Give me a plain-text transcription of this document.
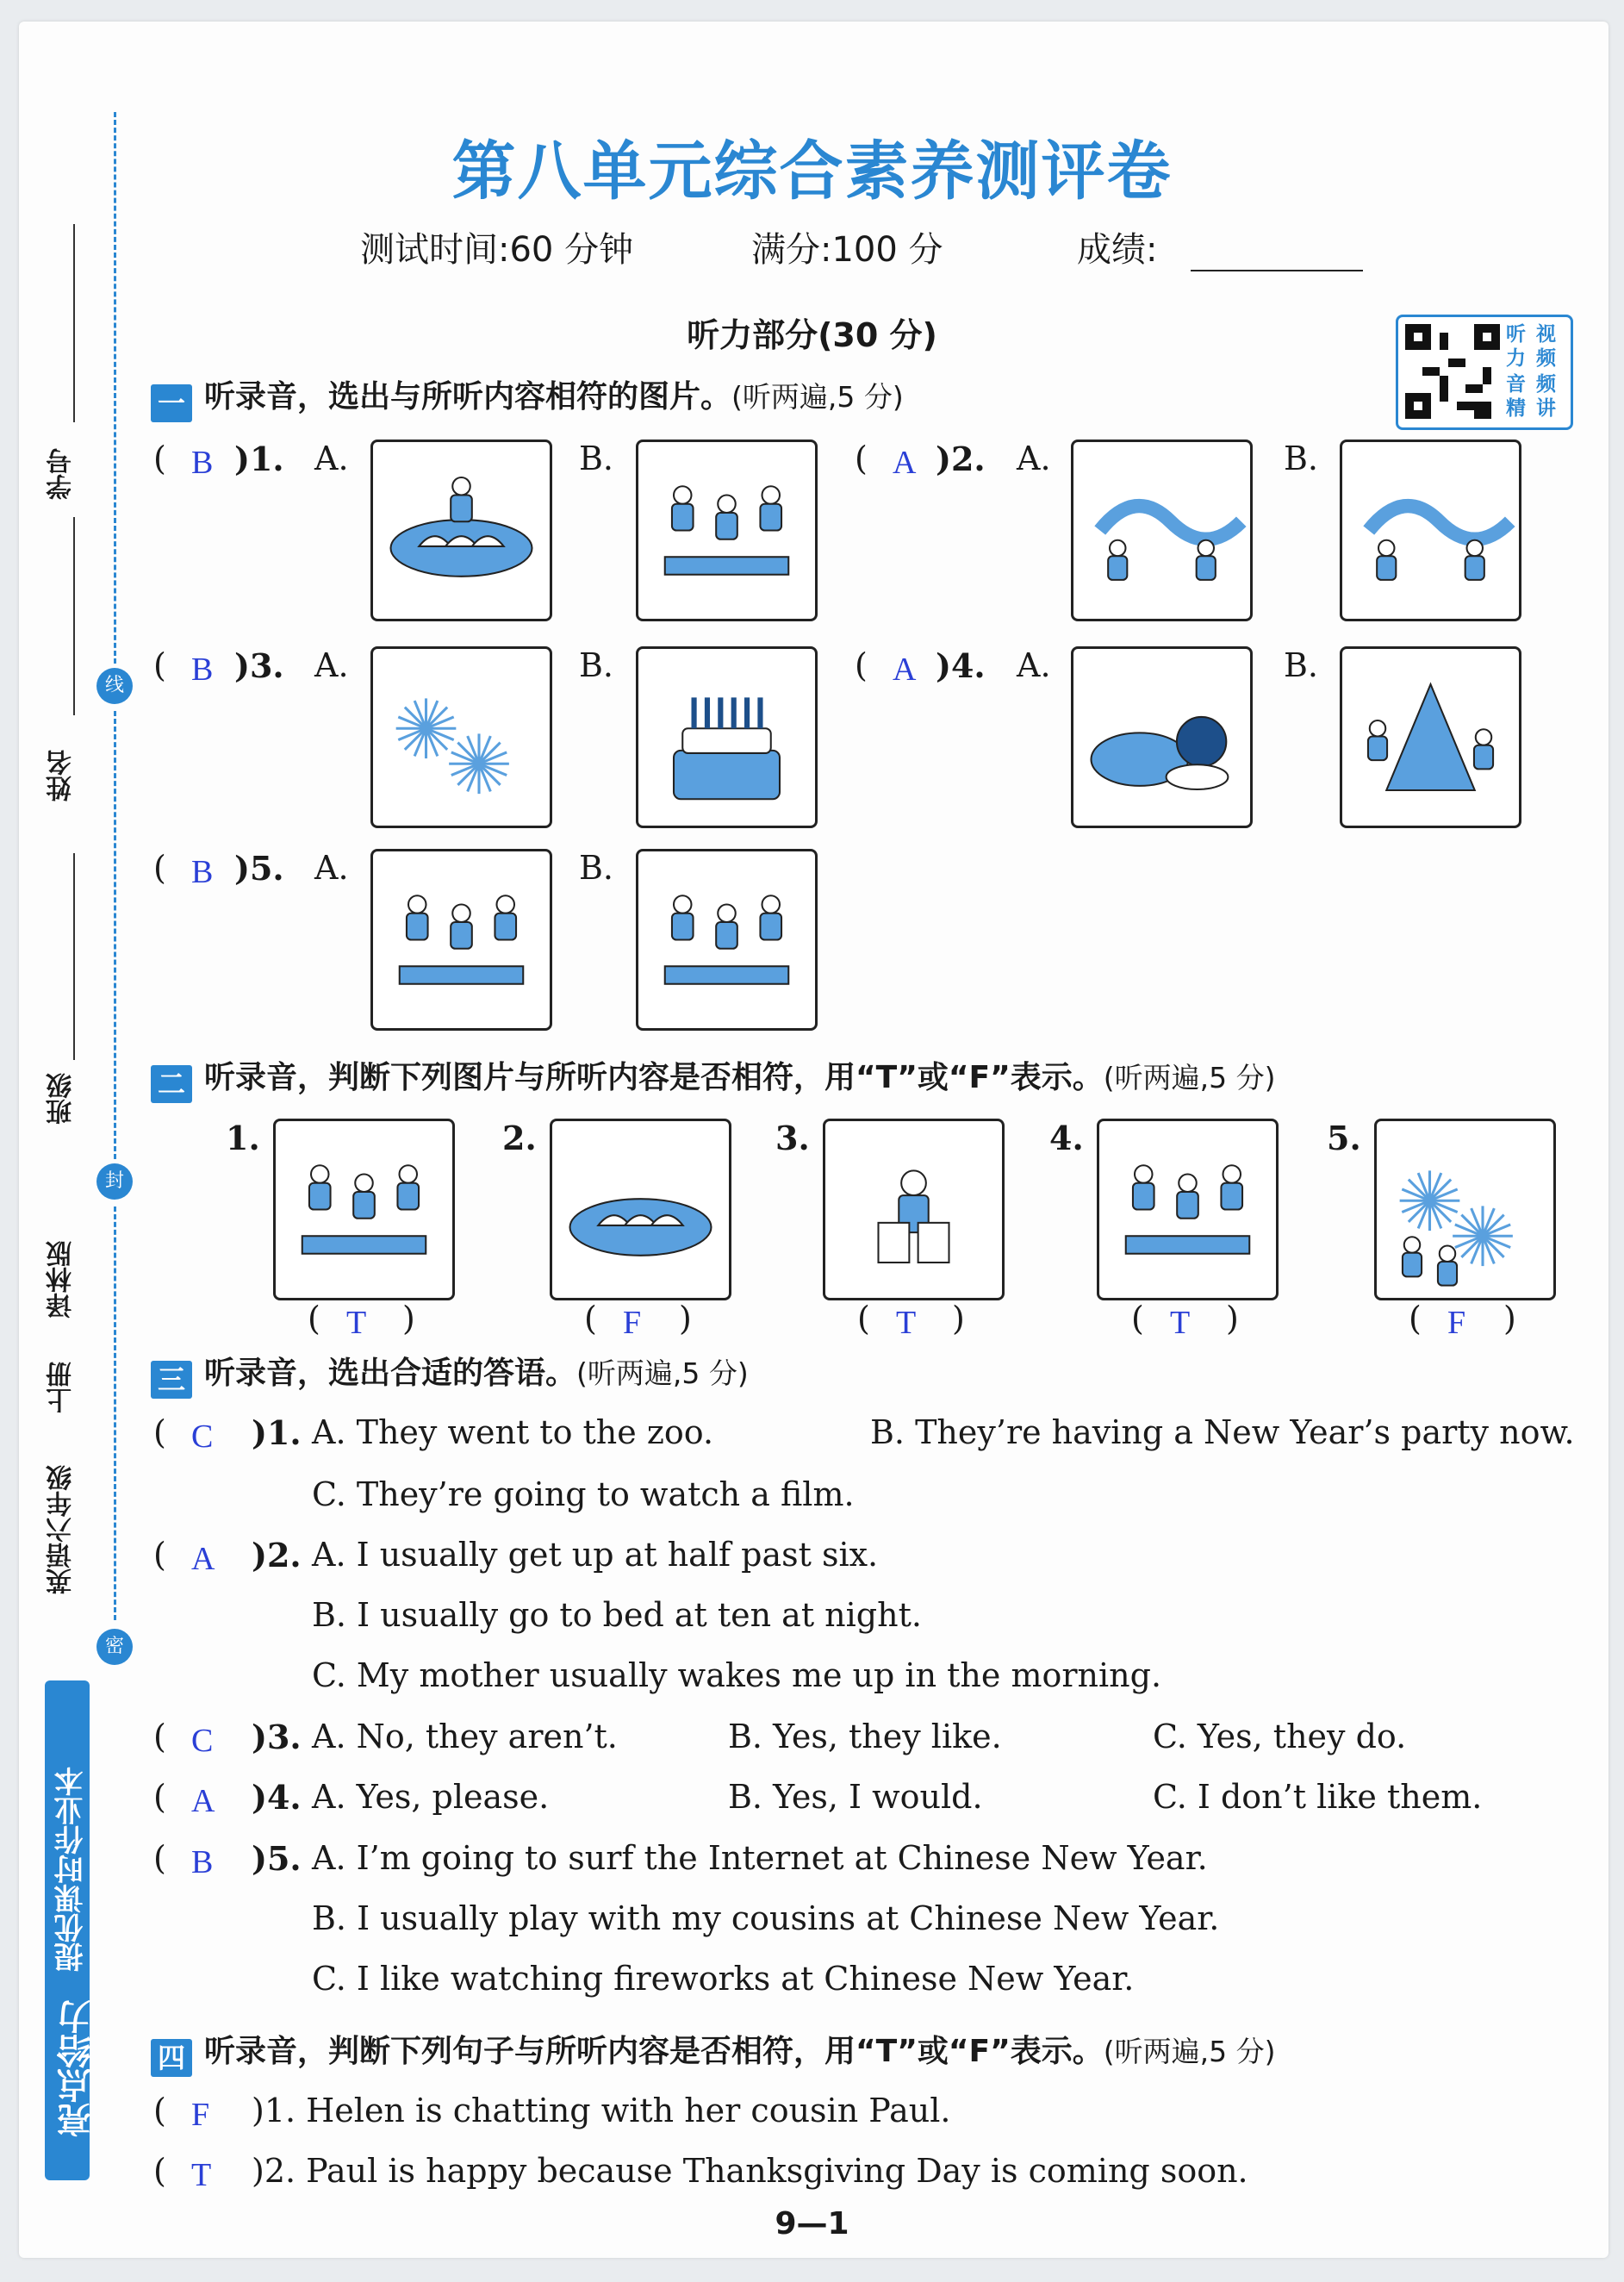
学号
姓名
班级
译林版
上册
英语六年级
线
封
密
提优课时作业本
亮点给力
第八单元综合素养测评卷
测试时间:60 分钟	满分:100 分	成绩:
听力部分(30 分)	听力
视频
音精
频讲
一 听录音，选出与所听内容相符的图片。(听两遍,5 分)
( B )1. A.	B.	( A )2. A.	B.
( B )3. A.	B.	( A )4. A.	B.
( B )5. A.	B.
二 听录音，判断下列图片与所听内容是否相符，用“T”或“F”表示。(听两遍,5 分)
1.
( T )
2.
( F )
3.
( T )
4.
( T )
5.
( F )
三 听录音，选出合适的答语。(听两遍,5 分)
( C )1. A. They went to the zoo.	B. They’re having a New Year’s party now.
C. They’re going to watch a film.
( A )2. A. I usually get up at half past six.
B. I usually go to bed at ten at night.
C. My mother usually wakes me up in the morning.
( C )3. A. No, they aren’t.	B. Yes, they like.	C. Yes, they do.
( A )4. A. Yes, please.	B. Yes, I would.	C. I don’t like them.
( B )5. A. I’m going to surf the Internet at Chinese New Year.
B. I usually play with my cousins at Chinese New Year.
C. I like watching fireworks at Chinese New Year.
四 听录音，判断下列句子与所听内容是否相符，用“T”或“F”表示。(听两遍,5 分)
( F )1. Helen is chatting with her cousin Paul.
( T )2. Paul is happy because Thanksgiving Day is coming soon.
9—1
